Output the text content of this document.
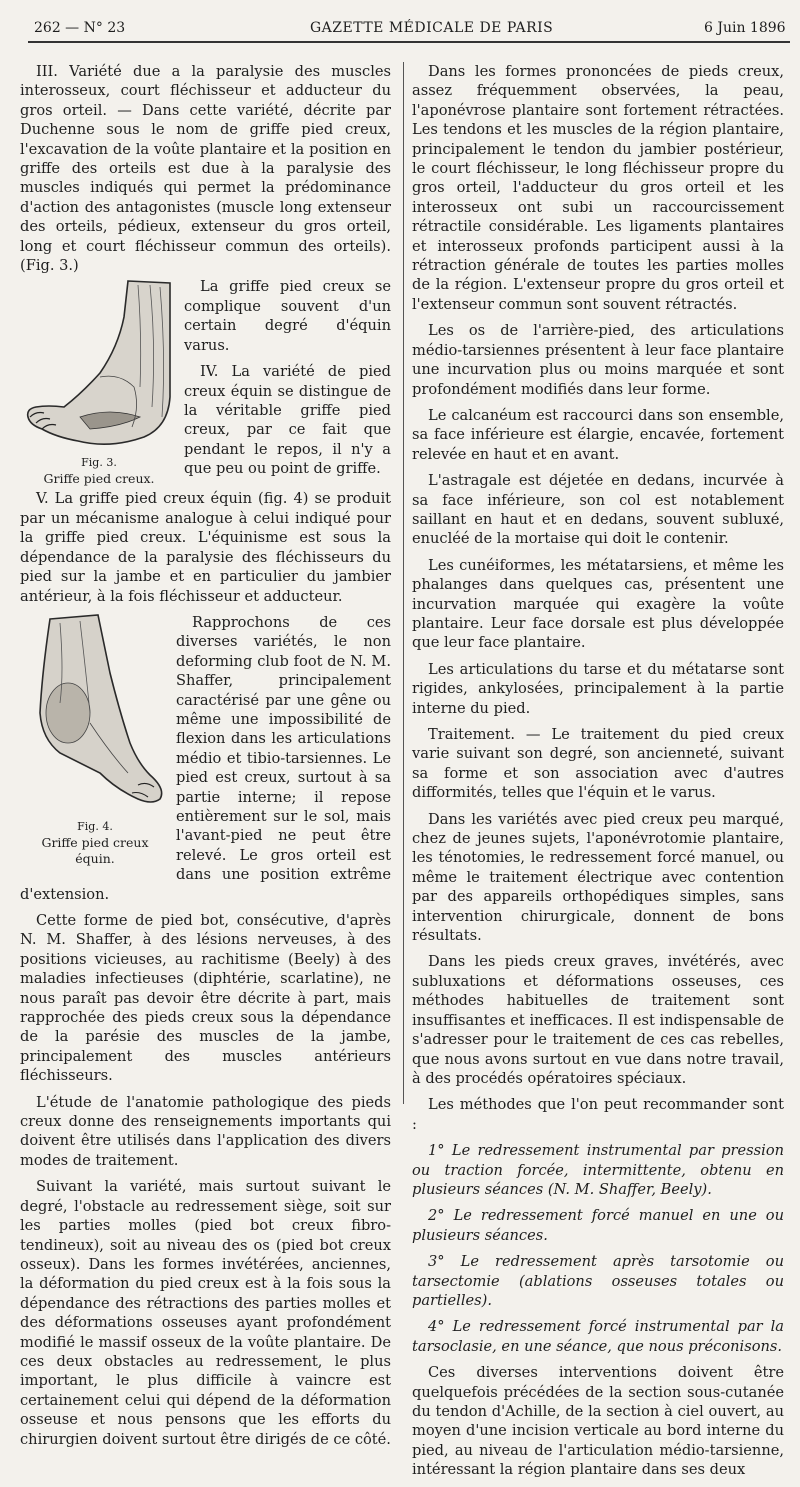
262 — N° 23	GAZETTE MÉDICALE DE PARIS	6 Juin 1896

III. Variété due a la paralysie des muscles interosseux, court fléchisseur et adducteur du gros orteil. — Dans cette variété, décrite par Duchenne sous le nom de griffe pied creux, l'excavation de la voûte plantaire et la position en griffe des orteils est due à la paralysie des muscles indiqués qui permet la prédominance d'action des antagonistes (muscle long extenseur des orteils, pédieux, extenseur du gros orteil, long et court fléchisseur commun des orteils). (Fig. 3.)

Fig. 3.
Griffe pied creux.

La griffe pied creux se complique souvent d'un certain degré d'équin varus.

IV. La variété de pied creux équin se distingue de la véritable griffe pied creux, par ce fait que pendant le repos, il n'y a que peu ou point de griffe.

V. La griffe pied creux équin (fig. 4) se produit par un mécanisme analogue à celui indiqué pour la griffe pied creux. L'équinisme est sous la dépendance de la paralysie des fléchisseurs du pied sur la jambe et en particulier du jambier antérieur, à la fois fléchisseur et adducteur.

Fig. 4.
Griffe pied creux équin.

Rapprochons de ces diverses variétés, le non deforming club foot de N. M. Shaffer, principalement caractérisé par une gêne ou même une impossibilité de flexion dans les articulations médio et tibio-tarsiennes. Le pied est creux, surtout à sa partie interne; il repose entièrement sur le sol, mais l'avant-pied ne peut être relevé. Le gros orteil est dans une position extrême d'extension.

Cette forme de pied bot, consécutive, d'après N. M. Shaffer, à des lésions nerveuses, à des positions vicieuses, au rachitisme (Beely) à des maladies infectieuses (diphtérie, scarlatine), ne nous paraît pas devoir être décrite à part, mais rapprochée des pieds creux sous la dépendance de la parésie des muscles de la jambe, principalement des muscles antérieurs fléchisseurs.

L'étude de l'anatomie pathologique des pieds creux donne des renseignements importants qui doivent être utilisés dans l'application des divers modes de traitement.

Suivant la variété, mais surtout suivant le degré, l'obstacle au redressement siège, soit sur les parties molles (pied bot creux fibro-tendineux), soit au niveau des os (pied bot creux osseux). Dans les formes invétérées, anciennes, la déformation du pied creux est à la fois sous la dépendance des rétractions des parties molles et des déformations osseuses ayant profondément modifié le massif osseux de la voûte plantaire. De ces deux obstacles au redressement, le plus important, le plus difficile à vaincre est certainement celui qui dépend de la déformation osseuse et nous pensons que les efforts du chirurgien doivent surtout être dirigés de ce côté.

Dans les formes prononcées de pieds creux, assez fréquemment observées, la peau, l'aponévrose plantaire sont fortement rétractées. Les tendons et les muscles de la région plantaire, principalement le tendon du jambier postérieur, le court fléchisseur, le long fléchisseur propre du gros orteil, l'adducteur du gros orteil et les interosseux ont subi un raccourcissement rétractile considérable. Les ligaments plantaires et interosseux profonds participent aussi à la rétraction générale de toutes les parties molles de la région. L'extenseur propre du gros orteil et l'extenseur commun sont souvent rétractés.

Les os de l'arrière-pied, des articulations médio-tarsiennes présentent à leur face plantaire une incurvation plus ou moins marquée et sont profondément modifiés dans leur forme.

Le calcanéum est raccourci dans son ensemble, sa face inférieure est élargie, encavée, fortement relevée en haut et en avant.

L'astragale est déjetée en dedans, incurvée à sa face inférieure, son col est notablement saillant en haut et en dedans, souvent subluxé, enucléé de la mortaise qui doit le contenir.

Les cunéiformes, les métatarsiens, et même les phalanges dans quelques cas, présentent une incurvation marquée qui exagère la voûte plantaire. Leur face dorsale est plus développée que leur face plantaire.

Les articulations du tarse et du métatarse sont rigides, ankylosées, principalement à la partie interne du pied.

Traitement. — Le traitement du pied creux varie suivant son degré, son ancienneté, suivant sa forme et son association avec d'autres difformités, telles que l'équin et le varus.

Dans les variétés avec pied creux peu marqué, chez de jeunes sujets, l'aponévrotomie plantaire, les ténotomies, le redressement forcé manuel, ou même le traitement électrique avec contention par des appareils orthopédiques simples, sans intervention chirurgicale, donnent de bons résultats.

Dans les pieds creux graves, invétérés, avec subluxations et déformations osseuses, ces méthodes habituelles de traitement sont insuffisantes et inefficaces. Il est indispensable de s'adresser pour le traitement de ces cas rebelles, que nous avons surtout en vue dans notre travail, à des procédés opératoires spéciaux.

Les méthodes que l'on peut recommander sont :

1° Le redressement instrumental par pression ou traction forcée, intermittente, obtenu en plusieurs séances (N. M. Shaffer, Beely).

2° Le redressement forcé manuel en une ou plusieurs séances.

3° Le redressement après tarsotomie ou tarsectomie (ablations osseuses totales ou partielles).

4° Le redressement forcé instrumental par la tarsoclasie, en une séance, que nous préconisons.

Ces diverses interventions doivent être quelquefois précédées de la section sous-cutanée du tendon d'Achille, de la section à ciel ouvert, au moyen d'une incision verticale au bord interne du pied, au niveau de l'articulation médio-tarsienne, intéressant la région plantaire dans ses deux
